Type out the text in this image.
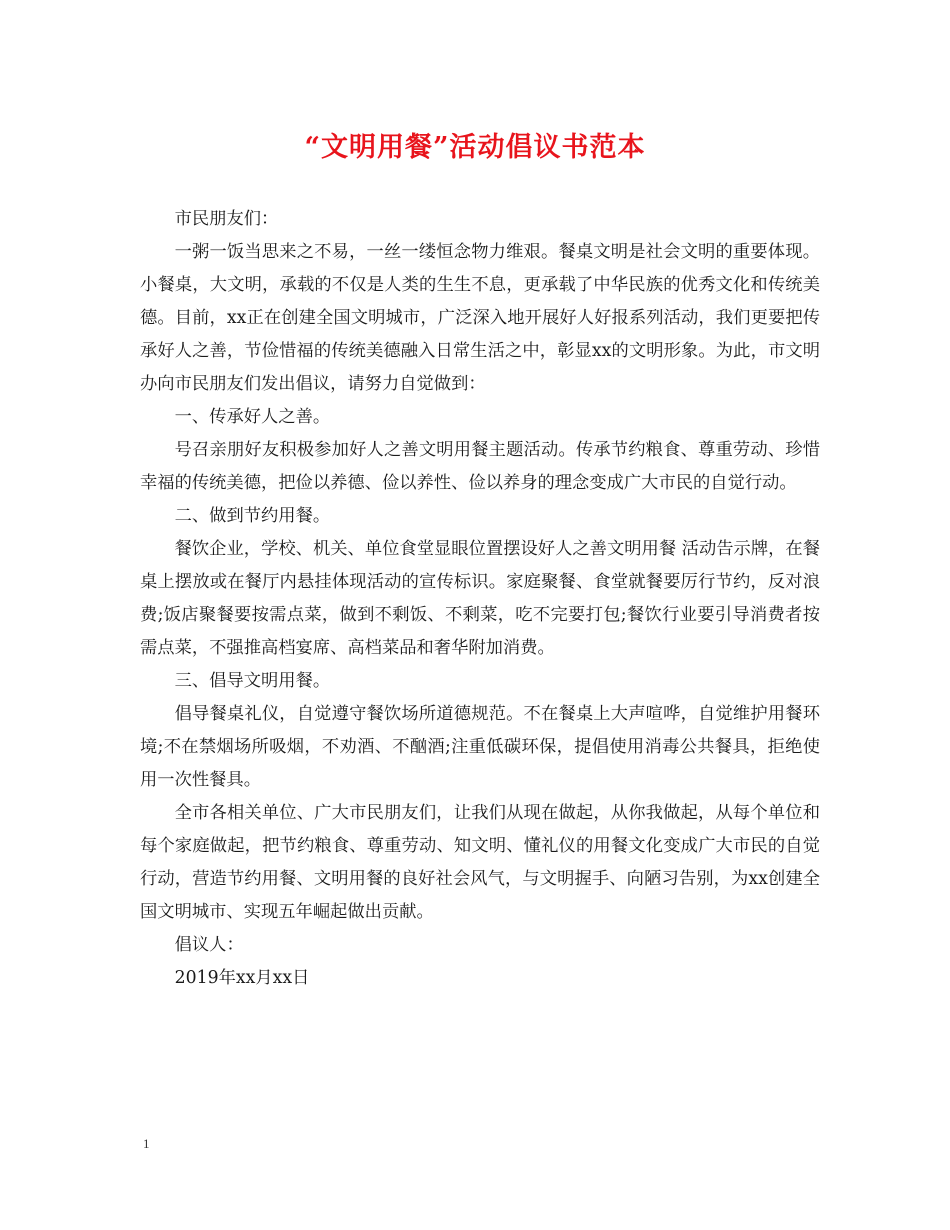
“文明用餐”活动倡议书范本

市民朋友们：

一粥一饭当思来之不易，一丝一缕恒念物力维艰。餐桌文明是社会文明的重要体现。小餐桌，大文明，承载的不仅是人类的生生不息，更承载了中华民族的优秀文化和传统美德。目前，xx正在创建全国文明城市，广泛深入地开展好人好报系列活动，我们更要把传承好人之善，节俭惜福的传统美德融入日常生活之中，彰显xx的文明形象。为此，市文明办向市民朋友们发出倡议，请努力自觉做到：

一、传承好人之善。

号召亲朋好友积极参加好人之善文明用餐主题活动。传承节约粮食、尊重劳动、珍惜幸福的传统美德，把俭以养德、俭以养性、俭以养身的理念变成广大市民的自觉行动。

二、做到节约用餐。

餐饮企业，学校、机关、单位食堂显眼位置摆设好人之善文明用餐 活动告示牌，在餐桌上摆放或在餐厅内悬挂体现活动的宣传标识。家庭聚餐、食堂就餐要厉行节约，反对浪费;饭店聚餐要按需点菜，做到不剩饭、不剩菜，吃不完要打包;餐饮行业要引导消费者按需点菜，不强推高档宴席、高档菜品和奢华附加消费。

三、倡导文明用餐。

倡导餐桌礼仪，自觉遵守餐饮场所道德规范。不在餐桌上大声喧哗，自觉维护用餐环境;不在禁烟场所吸烟，不劝酒、不酗酒;注重低碳环保，提倡使用消毒公共餐具，拒绝使用一次性餐具。

全市各相关单位、广大市民朋友们，让我们从现在做起，从你我做起，从每个单位和每个家庭做起，把节约粮食、尊重劳动、知文明、懂礼仪的用餐文化变成广大市民的自觉行动，营造节约用餐、文明用餐的良好社会风气，与文明握手、向陋习告别，为xx创建全国文明城市、实现五年崛起做出贡献。

倡议人：

2019年xx月xx日

1
